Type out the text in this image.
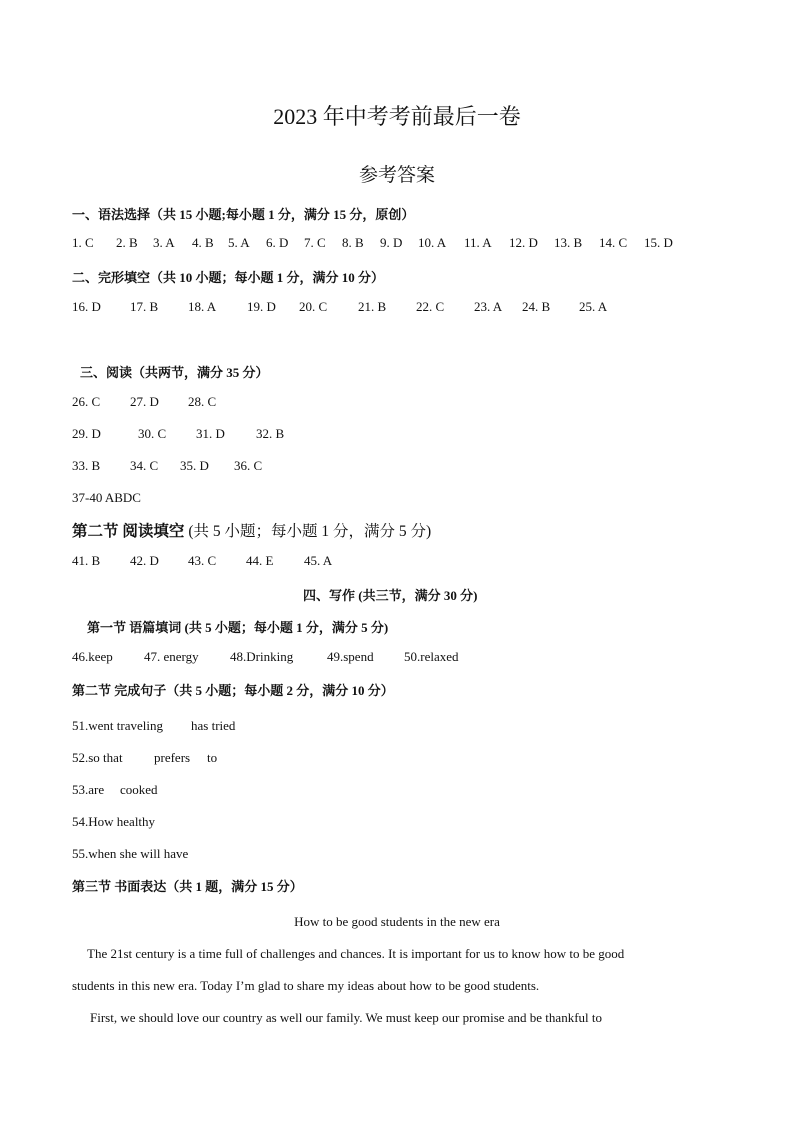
2023 年中考考前最后一卷
参考答案
一、语法选择（共 15 小题;每小题 1 分，满分 15 分，原创）
1. C 2. B 3. A 4. B 5. A 6. D 7. C 8. B 9. D 10. A 11. A 12. D 13. B 14. C 15. D
二、完形填空（共 10 小题；每小题 1 分，满分 10 分）
16. D 17. B 18. A 19. D 20. C 21. B 22. C 23. A 24. B 25. A
三、阅读（共两节，满分 35 分）
26. C 27. D 28. C
29. D	30. C 31. D 32. B
33. B 34. C 35. D 36. C
37-40 ABDC
第二节 阅读填空 (共 5 小题；每小题 1 分，满分 5 分)
41. B 42. D 43. C 44. E 45. A
四、写作 (共三节，满分 30 分)
第一节 语篇填词 (共 5 小题；每小题 1 分，满分 5 分)
46.keep 47. energy 48.Drinking	49.spend 50.relaxed
第二节 完成句子（共 5 小题；每小题 2 分，满分 10 分）
51.went traveling has tried
52.so that prefers to
53.are cooked
54.How healthy
55.when she will have
第三节 书面表达（共 1 题，满分 15 分）
How to be good students in the new era
The 21st century is a time full of challenges and chances. It is important for us to know how to be good
students in this new era. Today I’m glad to share my ideas about how to be good students.
First, we should love our country as well our family. We must keep our promise and be thankful to
